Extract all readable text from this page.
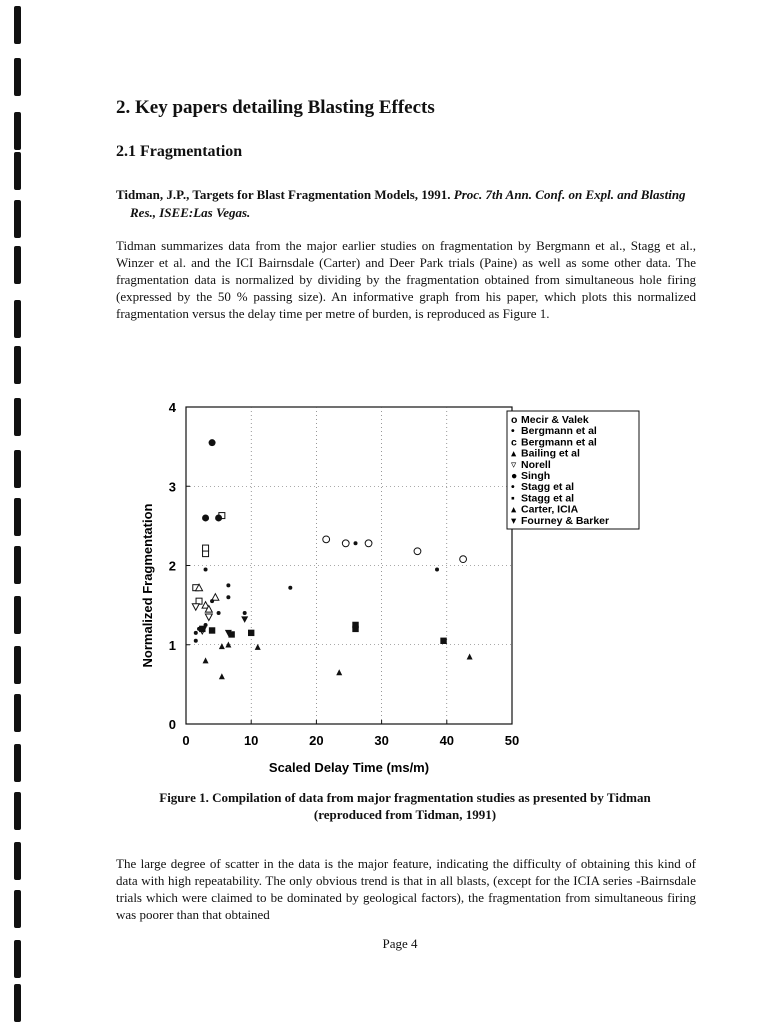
2. Key papers detailing Blasting Effects
2.1 Fragmentation

Tidman, J.P., Targets for Blast Fragmentation Models, 1991. Proc. 7th Ann. Conf. on Expl. and Blasting Res., ISEE:Las Vegas.

Tidman summarizes data from the major earlier studies on fragmentation by Bergmann et al., Stagg et al., Winzer et al. and the ICI Bairnsdale (Carter) and Deer Park trials (Paine) as well as some other data. The fragmentation data is normalized by dividing by the fragmentation obtained from simultaneous hole firing (expressed by the 50 % passing size). An informative graph from his paper, which plots this normalized fragmentation versus the delay time per metre of burden, is reproduced as Figure 1.

0	10	20	30	40	50
0
1
2
3
4
Scaled Delay Time (ms/m)
Normalized Fragmentation
o Mecir & Valek
• Bergmann et al
c Bergmann et al
▴ Bailing et al
▿ Norell
● Singh
• Stagg et al
▪ Stagg et al
▴ Carter, ICIA
▾ Fourney & Barker

Figure 1. Compilation of data from major fragmentation studies as presented by Tidman (reproduced from Tidman, 1991)

The large degree of scatter in the data is the major feature, indicating the difficulty of obtaining this kind of data with high repeatability. The only obvious trend is that in all blasts, (except for the ICIA series -Bairnsdale trials which were claimed to be dominated by geological factors), the fragmentation from simultaneous firing was poorer than that obtained

Page 4
